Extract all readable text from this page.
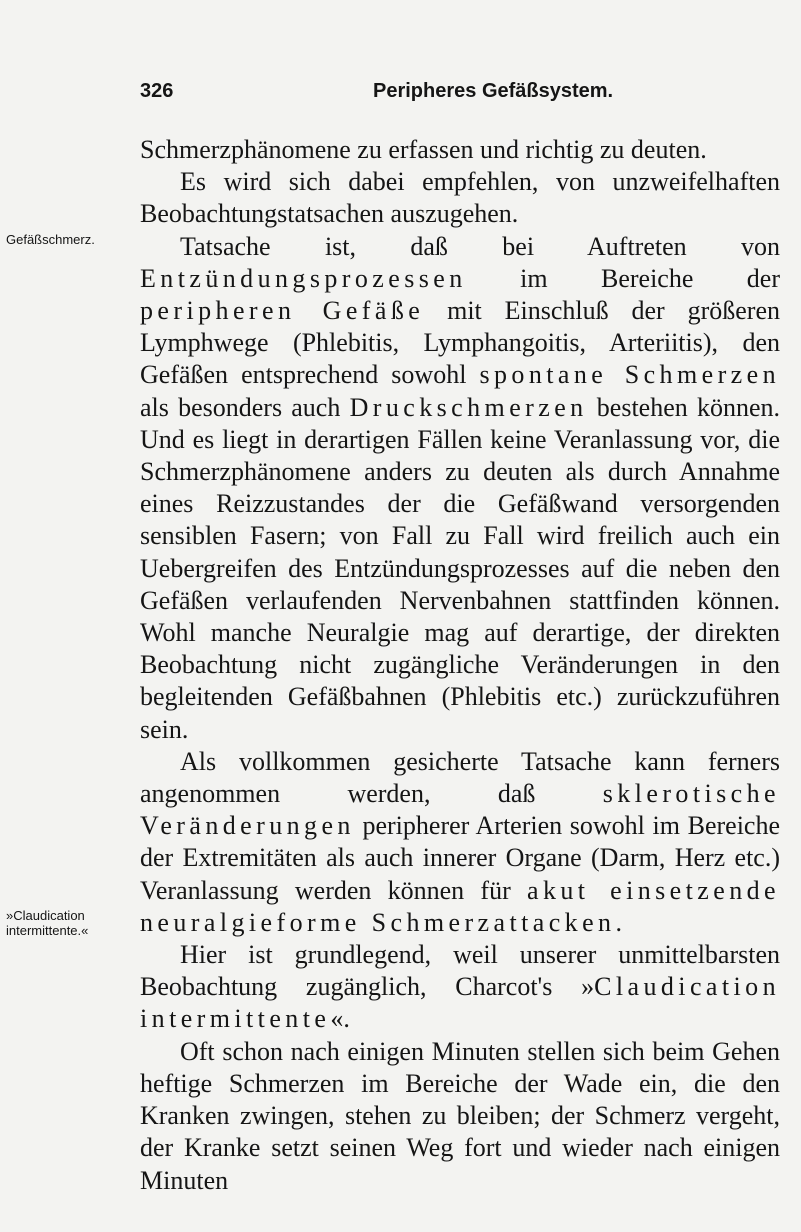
326	Peripheres Gefäßsystem.
Gefäßschmerz.
»Claudication
intermittente.«

Schmerzphänomene zu erfassen und richtig zu deuten.

Es wird sich dabei empfehlen, von unzweifelhaften Beobachtungstatsachen auszugehen.

Tatsache ist, daß bei Auftreten von Entzündungsprozessen im Bereiche der peripheren Gefäße mit Einschluß der größeren Lymphwege (Phlebitis, Lymphangoitis, Arteriitis), den Gefäßen entsprechend sowohl spontane Schmerzen als besonders auch Druckschmerzen bestehen können. Und es liegt in derartigen Fällen keine Veranlassung vor, die Schmerzphänomene anders zu deuten als durch Annahme eines Reizzustandes der die Gefäßwand versorgenden sensiblen Fasern; von Fall zu Fall wird freilich auch ein Uebergreifen des Entzündungsprozesses auf die neben den Gefäßen verlaufenden Nervenbahnen stattfinden können. Wohl manche Neuralgie mag auf derartige, der direkten Beobachtung nicht zugängliche Veränderungen in den begleitenden Gefäßbahnen (Phlebitis etc.) zurückzuführen sein.

Als vollkommen gesicherte Tatsache kann ferners angenommen werden, daß sklerotische Veränderungen peripherer Arterien sowohl im Bereiche der Extremitäten als auch innerer Organe (Darm, Herz etc.) Veranlassung werden können für akut einsetzende neuralgieforme Schmerzattacken.

Hier ist grundlegend, weil unserer unmittelbarsten Beobachtung zugänglich, Charcot's »Claudication intermittente«.

Oft schon nach einigen Minuten stellen sich beim Gehen heftige Schmerzen im Bereiche der Wade ein, die den Kranken zwingen, stehen zu bleiben; der Schmerz vergeht, der Kranke setzt seinen Weg fort und wieder nach einigen Minuten
